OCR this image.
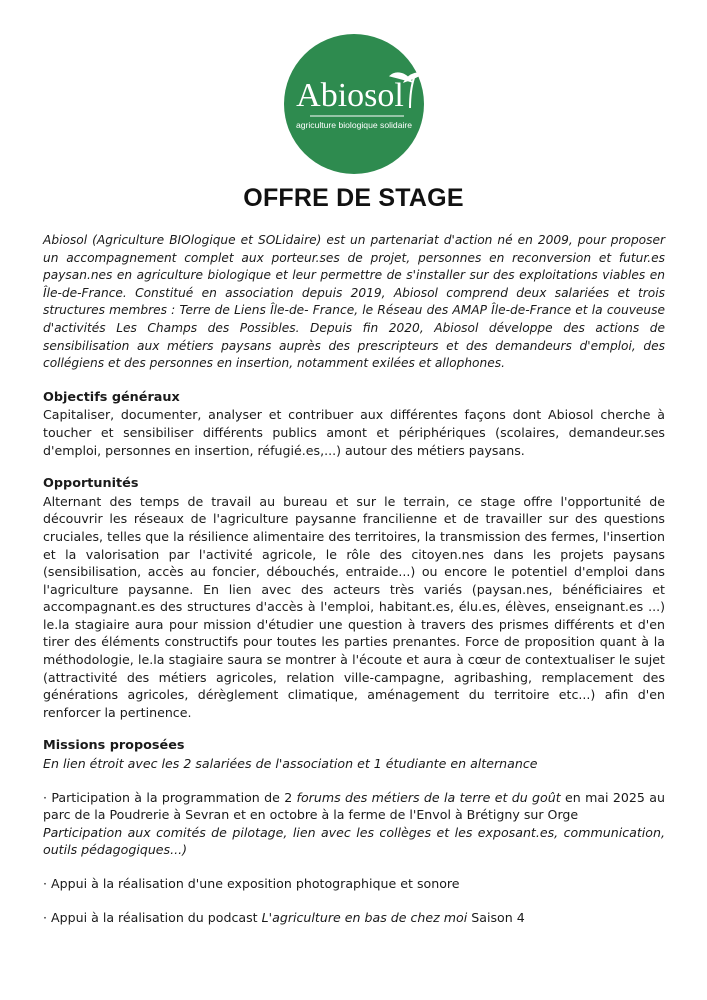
Abiosol
agriculture biologique solidaire
OFFRE DE STAGE

Abiosol (Agriculture BIOlogique et SOLidaire) est un partenariat d'action né en 2009, pour proposer un accompagnement complet aux porteur.ses de projet, personnes en reconversion et futur.es paysan.nes en agriculture biologique et leur permettre de s'installer sur des exploitations viables en Île-de-France. Constitué en association depuis 2019, Abiosol comprend deux salariées et trois structures membres : Terre de Liens Île-de- France, le Réseau des AMAP Île-de-France et la couveuse d'activités Les Champs des Possibles. Depuis fin 2020, Abiosol développe des actions de sensibilisation aux métiers paysans auprès des prescripteurs et des demandeurs d'emploi, des collégiens et des personnes en insertion, notamment exilées et allophones.

Objectifs généraux

Capitaliser, documenter, analyser et contribuer aux différentes façons dont Abiosol cherche à toucher et sensibiliser différents publics amont et périphériques (scolaires, demandeur.ses d'emploi, personnes en insertion, réfugié.es,...) autour des métiers paysans.

Opportunités

Alternant des temps de travail au bureau et sur le terrain, ce stage offre l'opportunité de découvrir les réseaux de l'agriculture paysanne francilienne et de travailler sur des questions cruciales, telles que la résilience alimentaire des territoires, la transmission des fermes, l'insertion et la valorisation par l'activité agricole, le rôle des citoyen.nes dans les projets paysans (sensibilisation, accès au foncier, débouchés, entraide...) ou encore le potentiel d'emploi dans l'agriculture paysanne. En lien avec des acteurs très variés (paysan.nes, bénéficiaires et accompagnant.es des structures d'accès à l'emploi, habitant.es, élu.es, élèves, enseignant.es ...) le.la stagiaire aura pour mission d'étudier une question à travers des prismes différents et d'en tirer des éléments constructifs pour toutes les parties prenantes. Force de proposition quant à la méthodologie, le.la stagiaire saura se montrer à l'écoute et aura à cœur de contextualiser le sujet (attractivité des métiers agricoles, relation ville-campagne, agribashing, remplacement des générations agricoles, dérèglement climatique, aménagement du territoire etc...) afin d'en renforcer la pertinence.

Missions proposées

En lien étroit avec les 2 salariées de l'association et 1 étudiante en alternance

· Participation à la programmation de 2 forums des métiers de la terre et du goût en mai 2025 au parc de la Poudrerie à Sevran et en octobre à la ferme de l'Envol à Brétigny sur Orge

Participation aux comités de pilotage, lien avec les collèges et les exposant.es, communication, outils pédagogiques...)

· Appui à la réalisation d'une exposition photographique et sonore

· Appui à la réalisation du podcast L'agriculture en bas de chez moi Saison 4
